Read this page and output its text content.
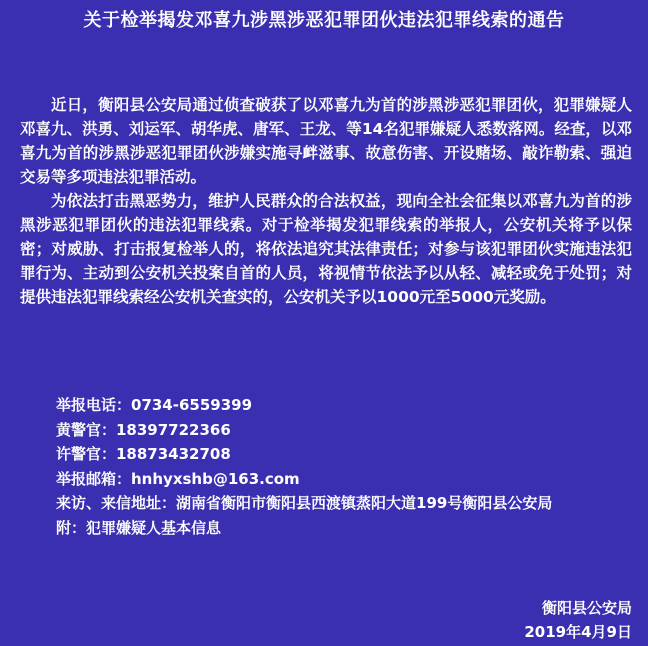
关于检举揭发邓喜九涉黑涉恶犯罪团伙违法犯罪线索的通告

近日，衡阳县公安局通过侦查破获了以邓喜九为首的涉黑涉恶犯罪团伙，犯罪嫌疑人邓喜九、洪勇、刘运军、胡华虎、唐军、王龙、等14名犯罪嫌疑人悉数落网。经查，以邓喜九为首的涉黑涉恶犯罪团伙涉嫌实施寻衅滋事、故意伤害、开设赌场、敲诈勒索、强迫交易等多项违法犯罪活动。

为依法打击黑恶势力，维护人民群众的合法权益，现向全社会征集以邓喜九为首的涉黑涉恶犯罪团伙的违法犯罪线索。对于检举揭发犯罪线索的举报人，公安机关将予以保密；对威胁、打击报复检举人的，将依法追究其法律责任；对参与该犯罪团伙实施违法犯罪行为、主动到公安机关投案自首的人员，将视情节依法予以从轻、减轻或免于处罚；对提供违法犯罪线索经公安机关查实的，公安机关予以1000元至5000元奖励。

举报电话：0734-6559399
黄警官：18397722366
许警官：18873432708
举报邮箱：hnhyxshb@163.com
来访、来信地址：湖南省衡阳市衡阳县西渡镇蒸阳大道199号衡阳县公安局
附：犯罪嫌疑人基本信息
衡阳县公安局
2019年4月9日
